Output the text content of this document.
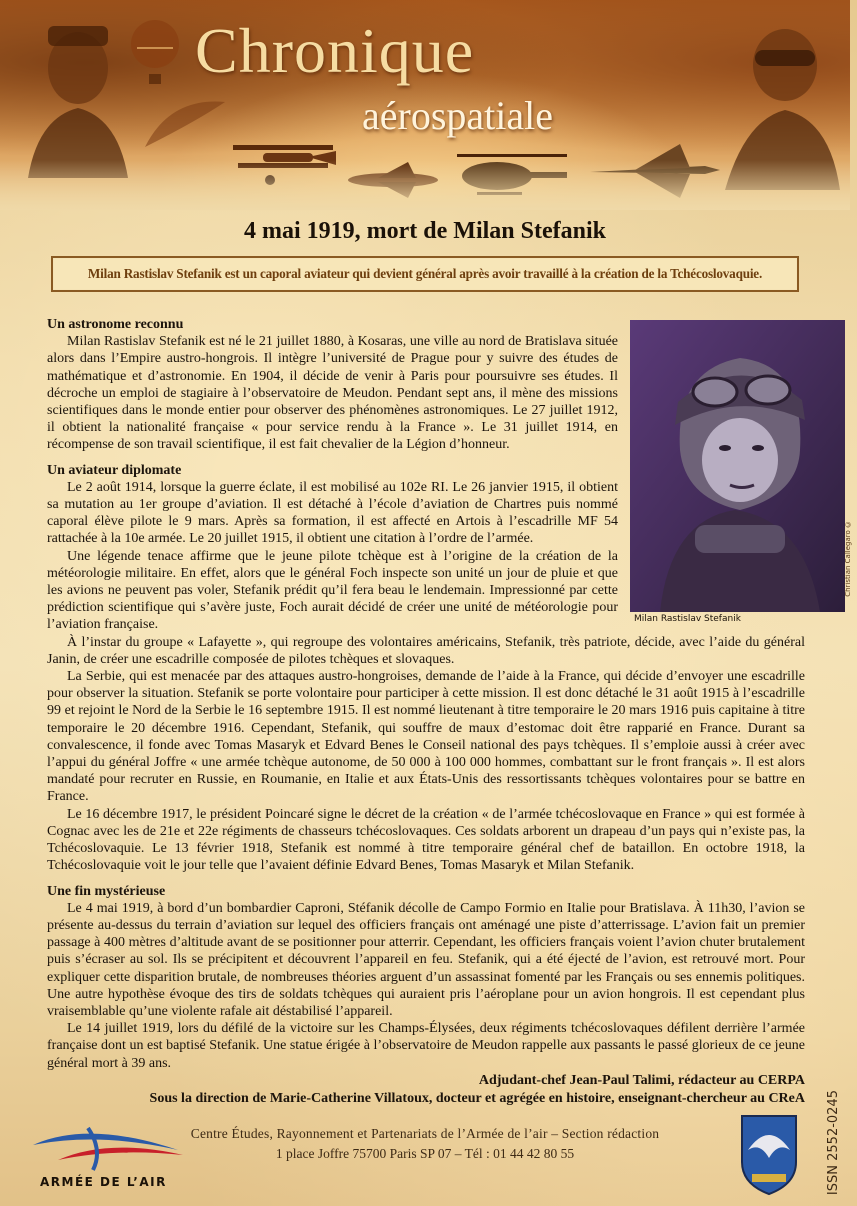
Chronique
aérospatiale
4 mai 1919, mort de Milan Stefanik
Milan Rastislav Stefanik est un caporal aviateur qui devient général après avoir travaillé à la création de la Tchécoslovaquie.
Milan Rastislav Stefanik
Christian Callegaro ©
Un astronome reconnu

Milan Rastislav Stefanik est né le 21 juillet 1880, à Kosaras, une ville au nord de Bratislava située alors dans l’Empire austro-hongrois. Il intègre l’université de Prague pour y suivre des études de mathématique et d’astronomie. En 1904, il décide de venir à Paris pour poursuivre ses études. Il décroche un emploi de stagiaire à l’observatoire de Meudon. Pendant sept ans, il mène des missions scientifiques dans le monde entier pour observer des phénomènes astronomiques. Le 27 juillet 1912, il obtient la nationalité française « pour service rendu à la France ». Le 31 juillet 1914, en récompense de son travail scientifique, il est fait chevalier de la Légion d’honneur.

Un aviateur diplomate

Le 2 août 1914, lorsque la guerre éclate, il est mobilisé au 102e RI. Le 26 janvier 1915, il obtient sa mutation au 1er groupe d’aviation. Il est détaché à l’école d’aviation de Chartres puis nommé caporal élève pilote le 9 mars. Après sa formation, il est affecté en Artois à l’escadrille MF 54 rattachée à la 10e armée. Le 20 juillet 1915, il obtient une citation à l’ordre de l’armée.

Une légende tenace affirme que le jeune pilote tchèque est à l’origine de la création de la météorologie militaire. En effet, alors que le général Foch inspecte son unité un jour de pluie et que les avions ne peuvent pas voler, Stefanik prédit qu’il fera beau le lendemain. Impressionné par cette prédiction scientifique qui s’avère juste, Foch aurait décidé de créer une unité de météorologie pour l’aviation française.

À l’instar du groupe « Lafayette », qui regroupe des volontaires américains, Stefanik, très patriote, décide, avec l’aide du général Janin, de créer une escadrille composée de pilotes tchèques et slovaques.

La Serbie, qui est menacée par des attaques austro-hongroises, demande de l’aide à la France, qui décide d’envoyer une escadrille pour observer la situation. Stefanik se porte volontaire pour participer à cette mission. Il est donc détaché le 31 août 1915 à l’escadrille 99 et rejoint le Nord de la Serbie le 16 septembre 1915. Il est nommé lieutenant à titre temporaire le 20 mars 1916 puis capitaine à titre temporaire le 20 décembre 1916. Cependant, Stefanik, qui souffre de maux d’estomac doit être rapparié en France. Durant sa convalescence, il fonde avec Tomas Masaryk et Edvard Benes le Conseil national des pays tchèques. Il s’emploie aussi à créer avec l’appui du général Joffre « une armée tchèque autonome, de 50 000 à 100 000 hommes, combattant sur le front français ». Il est alors mandaté pour recruter en Russie, en Roumanie, en Italie et aux États-Unis des ressortissants tchèques volontaires pour se battre en France.

Le 16 décembre 1917, le président Poincaré signe le décret de la création « de l’armée tchécoslovaque en France » qui est formée à Cognac avec les de 21e et 22e régiments de chasseurs tchécoslovaques. Ces soldats arborent un drapeau d’un pays qui n’existe pas, la Tchécoslovaquie. Le 13 février 1918, Stefanik est nommé à titre temporaire général chef de bataillon. En octobre 1918, la Tchécoslovaquie voit le jour telle que l’avaient définie Edvard Benes, Tomas Masaryk et Milan Stefanik.

Une fin mystérieuse

Le 4 mai 1919, à bord d’un bombardier Caproni, Stéfanik décolle de Campo Formio en Italie pour Bratislava. À 11h30, l’avion se présente au-dessus du terrain d’aviation sur lequel des officiers français ont aménagé une piste d’atterrissage. L’avion fait un premier passage à 400 mètres d’altitude avant de se positionner pour atterrir. Cependant, les officiers français voient l’avion chuter brutalement puis s’écraser au sol. Ils se précipitent et découvrent l’appareil en feu. Stefanik, qui a été éjecté de l’avion, est retrouvé mort. Pour expliquer cette disparition brutale, de nombreuses théories arguent d’un assassinat fomenté par les Français ou ses ennemis politiques. Une autre hypothèse évoque des tirs de soldats tchèques qui auraient pris l’aéroplane pour un avion hongrois. Il est cependant plus vraisemblable qu’une violente rafale ait déstabilisé l’appareil.

Le 14 juillet 1919, lors du défilé de la victoire sur les Champs-Élysées, deux régiments tchécoslovaques défilent derrière l’armée française dont un est baptisé Stefanik. Une statue érigée à l’observatoire de Meudon rappelle aux passants le passé glorieux de ce jeune général mort à 39 ans.

Adjudant-chef Jean-Paul Talimi, rédacteur au CERPA
Sous la direction de Marie-Catherine Villatoux, docteur et agrégée en histoire, enseignant-chercheur au CReA

ARMÉE DE L’AIR

Centre Études, Rayonnement et Partenariats de l’Armée de l’air – Section rédaction
1 place Joffre 75700 Paris SP 07 – Tél : 01 44 42 80 55	ISSN 2552-0245
